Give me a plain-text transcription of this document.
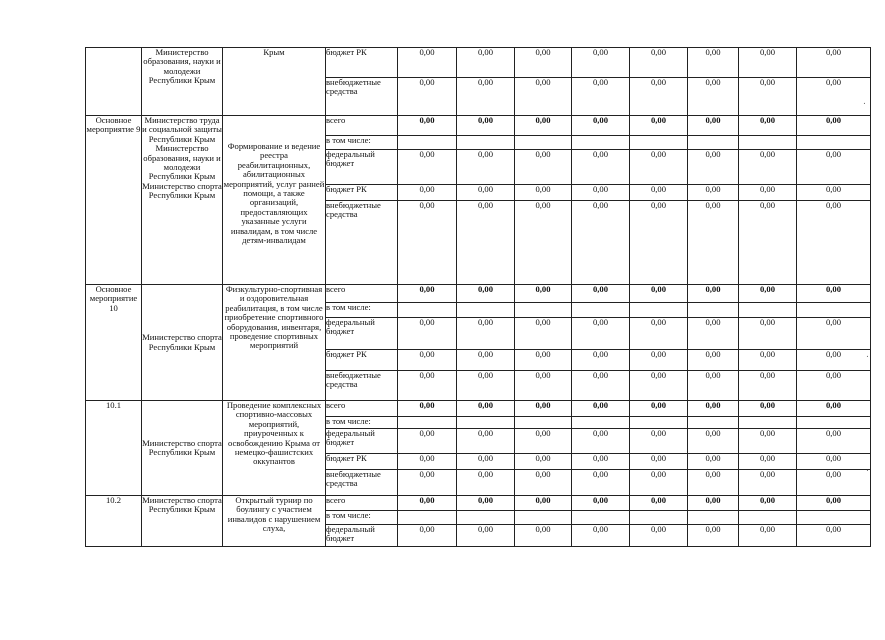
	Министерство образования, науки и молодежи Республики Крым	Крым	бюджет РК	0,00	0,00	0,00	0,00	0,00	0,00	0,00	0,00
			внебюджетные средства	0,00	0,00	0,00	0,00	0,00	0,00	0,00	0,00
Основное мероприятие 9	Министерство труда и социальной защиты Республики Крым Министерство образования, науки и молодежи Республики Крым Министерство спорта Республики Крым	Формирование и ведение реестра реабилитационных, абилитационных мероприятий, услуг ранней помощи, а также организаций, предоставляющих указанные услуги инвалидам, в том числе детям-инвалидам	всего	0,00	0,00	0,00	0,00	0,00	0,00	0,00	0,00
			в том числе:								
			федеральный бюджет	0,00	0,00	0,00	0,00	0,00	0,00	0,00	0,00
			бюджет РК	0,00	0,00	0,00	0,00	0,00	0,00	0,00	0,00
			внебюджетные средства	0,00	0,00	0,00	0,00	0,00	0,00	0,00	0,00
Основное мероприятие 10	Министерство спорта Республики Крым	Физкультурно-спортивная и оздоровительная реабилитация, в том числе приобретение спортивного оборудования, инвентаря, проведение спортивных мероприятий	всего	0,00	0,00	0,00	0,00	0,00	0,00	0,00	0,00
			в том числе:								
			федеральный бюджет	0,00	0,00	0,00	0,00	0,00	0,00	0,00	0,00
			бюджет РК	0,00	0,00	0,00	0,00	0,00	0,00	0,00	0,00
			внебюджетные средства	0,00	0,00	0,00	0,00	0,00	0,00	0,00	0,00
10.1	Министерство спорта Республики Крым	Проведение комплексных спортивно-массовых мероприятий, приуроченных к освобождению Крыма от немецко-фашистских оккупантов	всего	0,00	0,00	0,00	0,00	0,00	0,00	0,00	0,00
			в том числе:								
			федеральный бюджет	0,00	0,00	0,00	0,00	0,00	0,00	0,00	0,00
			бюджет РК	0,00	0,00	0,00	0,00	0,00	0,00	0,00	0,00
			внебюджетные средства	0,00	0,00	0,00	0,00	0,00	0,00	0,00	0,00
10.2	Министерство спорта Республики Крым	Открытый турнир по боулингу с участием инвалидов с нарушением слуха,	всего	0,00	0,00	0,00	0,00	0,00	0,00	0,00	0,00
			в том числе:								
			федеральный бюджет	0,00	0,00	0,00	0,00	0,00	0,00	0,00	0,00
.
.
.
